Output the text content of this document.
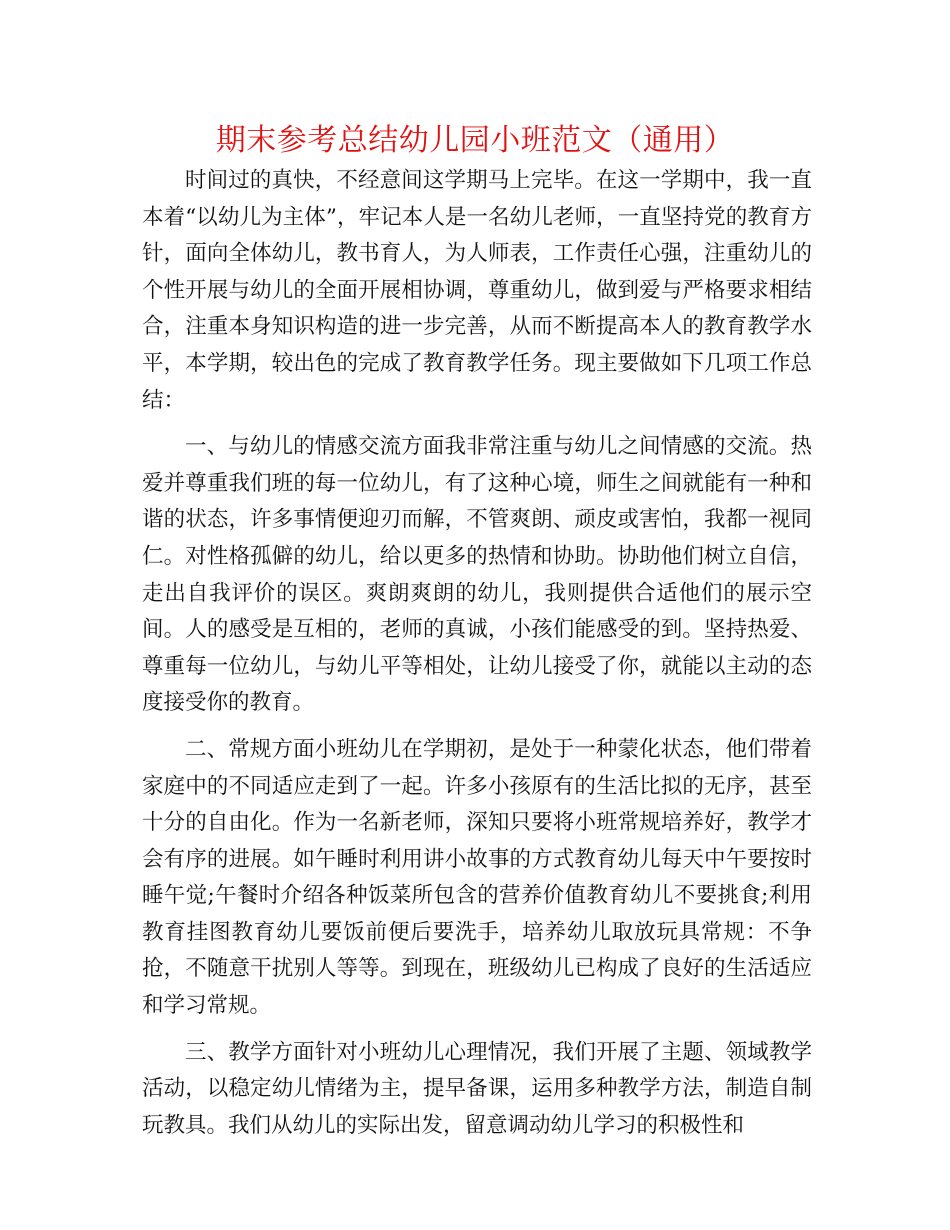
期末参考总结幼儿园小班范文（通用）

时间过的真快，不经意间这学期马上完毕。在这一学期中，我一直本着“以幼儿为主体”，牢记本人是一名幼儿老师，一直坚持党的教育方针，面向全体幼儿，教书育人，为人师表，工作责任心强，注重幼儿的个性开展与幼儿的全面开展相协调，尊重幼儿，做到爱与严格要求相结合，注重本身知识构造的进一步完善，从而不断提高本人的教育教学水平，本学期，较出色的完成了教育教学任务。现主要做如下几项工作总结：

一、与幼儿的情感交流方面我非常注重与幼儿之间情感的交流。热爱并尊重我们班的每一位幼儿，有了这种心境，师生之间就能有一种和谐的状态，许多事情便迎刃而解，不管爽朗、顽皮或害怕，我都一视同仁。对性格孤僻的幼儿，给以更多的热情和协助。协助他们树立自信，走出自我评价的误区。爽朗爽朗的幼儿，我则提供合适他们的展示空间。人的感受是互相的，老师的真诚，小孩们能感受的到。坚持热爱、尊重每一位幼儿，与幼儿平等相处，让幼儿接受了你，就能以主动的态度接受你的教育。

二、常规方面小班幼儿在学期初，是处于一种蒙化状态，他们带着家庭中的不同适应走到了一起。许多小孩原有的生活比拟的无序，甚至十分的自由化。作为一名新老师，深知只要将小班常规培养好，教学才会有序的进展。如午睡时利用讲小故事的方式教育幼儿每天中午要按时睡午觉;午餐时介绍各种饭菜所包含的营养价值教育幼儿不要挑食;利用教育挂图教育幼儿要饭前便后要洗手，培养幼儿取放玩具常规：不争抢，不随意干扰别人等等。到现在，班级幼儿已构成了良好的生活适应和学习常规。

三、教学方面针对小班幼儿心理情况，我们开展了主题、领域教学活动，以稳定幼儿情绪为主，提早备课，运用多种教学方法，制造自制玩教具。我们从幼儿的实际出发，留意调动幼儿学习的积极性和
